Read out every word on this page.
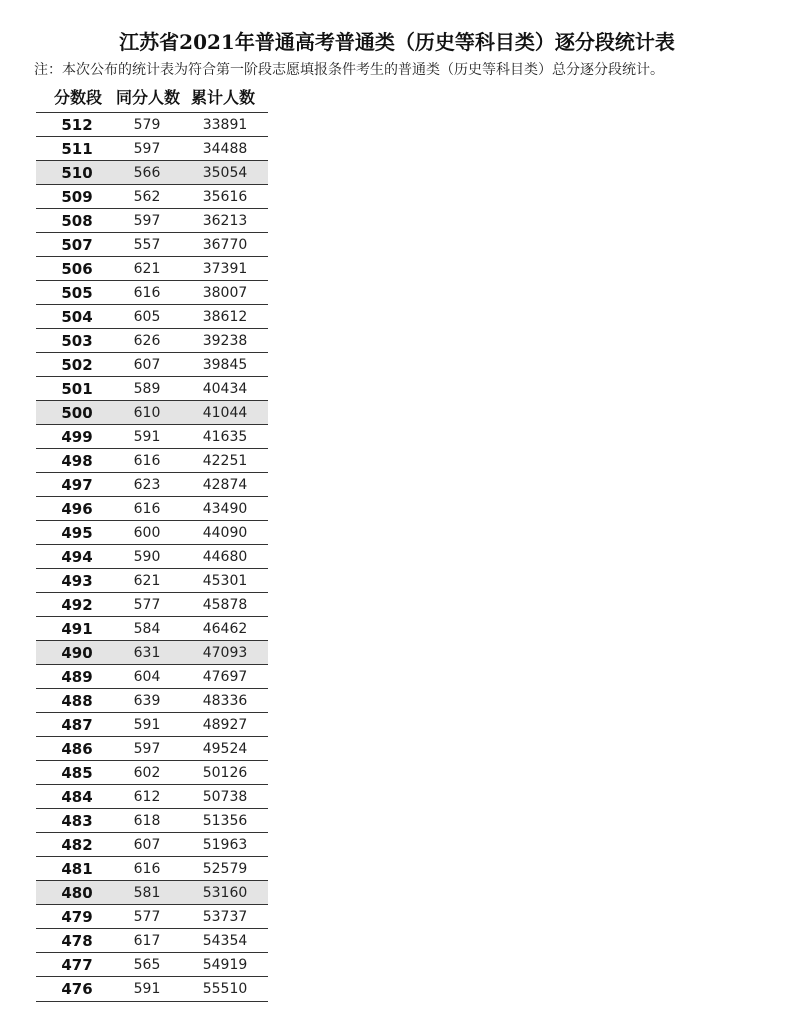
江苏省2021年普通高考普通类（历史等科目类）逐分段统计表
注：本次公布的统计表为符合第一阶段志愿填报条件考生的普通类（历史等科目类）总分逐分段统计。
分数段 同分人数 累计人数
512	579	33891
511	597	34488
510	566	35054
509	562	35616
508	597	36213
507	557	36770
506	621	37391
505	616	38007
504	605	38612
503	626	39238
502	607	39845
501	589	40434
500	610	41044
499	591	41635
498	616	42251
497	623	42874
496	616	43490
495	600	44090
494	590	44680
493	621	45301
492	577	45878
491	584	46462
490	631	47093
489	604	47697
488	639	48336
487	591	48927
486	597	49524
485	602	50126
484	612	50738
483	618	51356
482	607	51963
481	616	52579
480	581	53160
479	577	53737
478	617	54354
477	565	54919
476	591	55510
